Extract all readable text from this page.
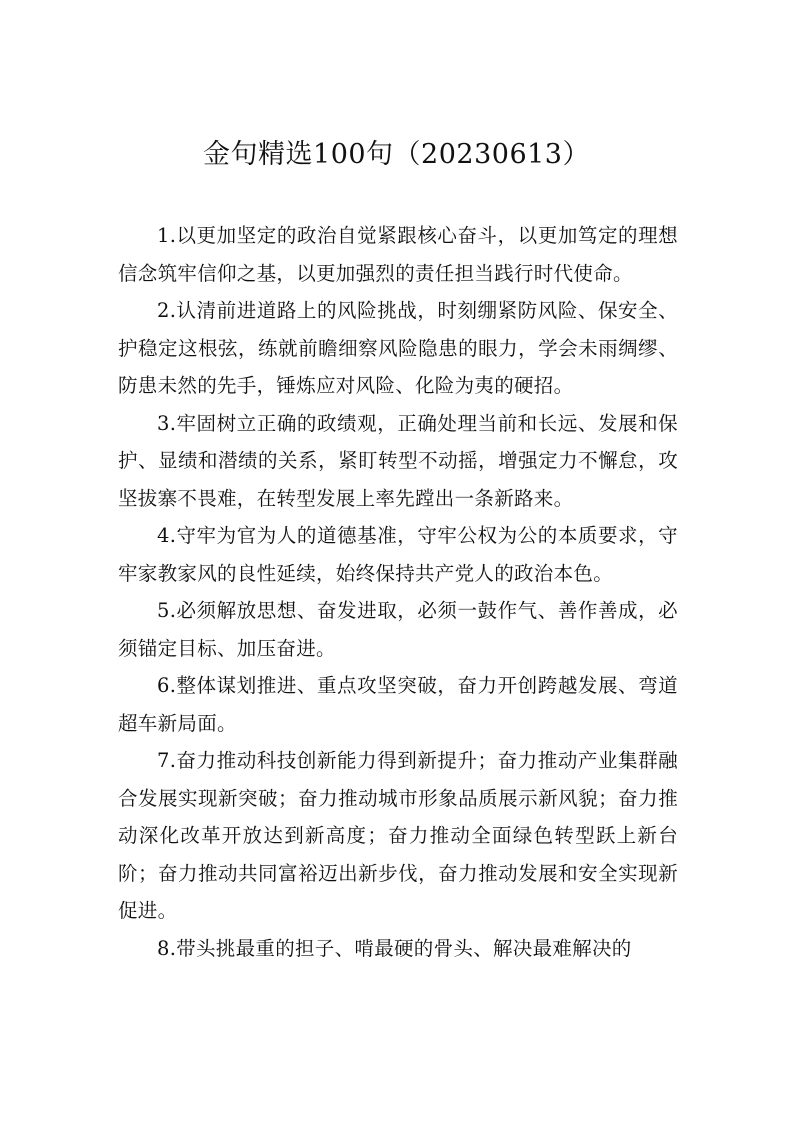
金句精选100句（20230613）

1.以更加坚定的政治自觉紧跟核心奋斗，以更加笃定的理想信念筑牢信仰之基，以更加强烈的责任担当践行时代使命。

2.认清前进道路上的风险挑战，时刻绷紧防风险、保安全、护稳定这根弦，练就前瞻细察风险隐患的眼力，学会未雨绸缪、防患未然的先手，锤炼应对风险、化险为夷的硬招。

3.牢固树立正确的政绩观，正确处理当前和长远、发展和保护、显绩和潜绩的关系，紧盯转型不动摇，增强定力不懈怠，攻坚拔寨不畏难，在转型发展上率先蹚出一条新路来。

4.守牢为官为人的道德基准，守牢公权为公的本质要求，守牢家教家风的良性延续，始终保持共产党人的政治本色。

5.必须解放思想、奋发进取，必须一鼓作气、善作善成，必须锚定目标、加压奋进。

6.整体谋划推进、重点攻坚突破，奋力开创跨越发展、弯道超车新局面。

7.奋力推动科技创新能力得到新提升；奋力推动产业集群融合发展实现新突破；奋力推动城市形象品质展示新风貌；奋力推动深化改革开放达到新高度；奋力推动全面绿色转型跃上新台阶；奋力推动共同富裕迈出新步伐，奋力推动发展和安全实现新促进。

8.带头挑最重的担子、啃最硬的骨头、解决最难解决的
